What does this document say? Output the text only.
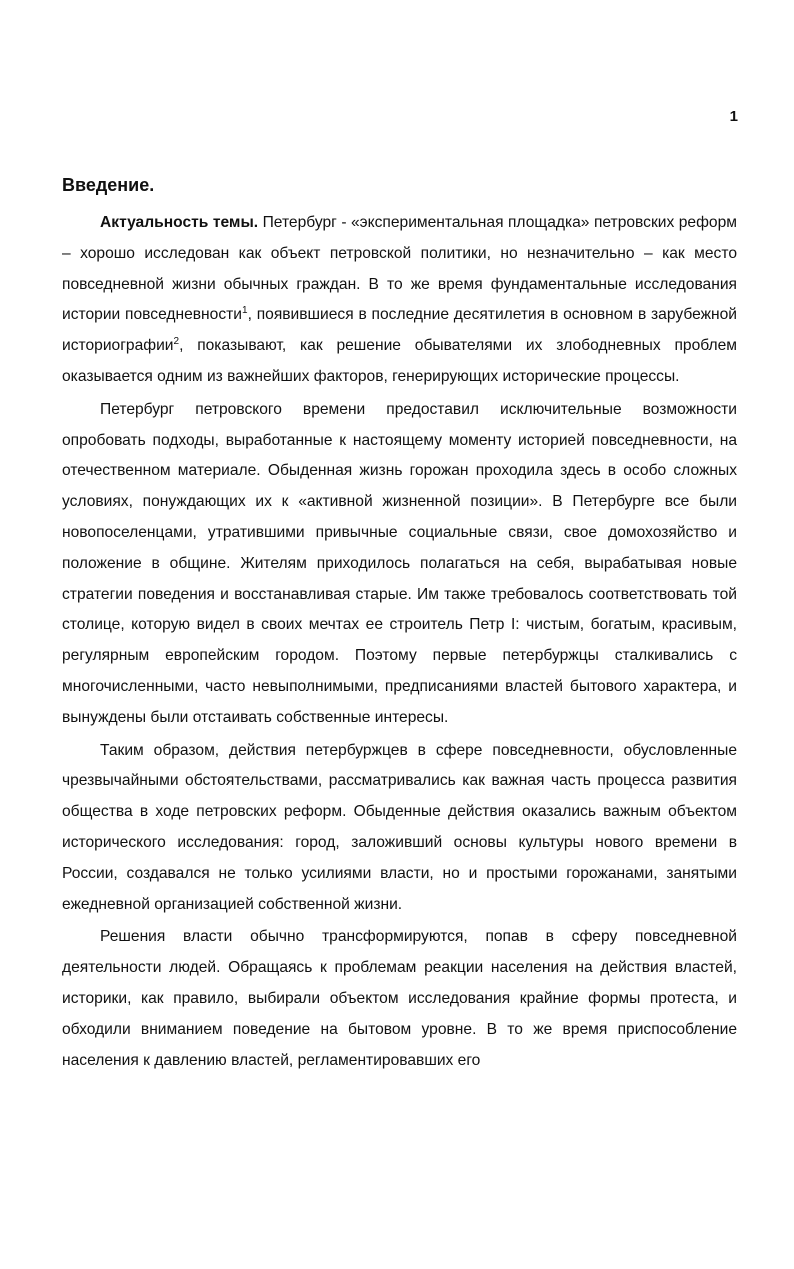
1
Введение.

Актуальность темы. Петербург - «экспериментальная площадка» петровских реформ – хорошо исследован как объект петровской политики, но незначительно – как место повседневной жизни обычных граждан. В то же время фундаментальные исследования истории повседневности$^1$, появившиеся в последние десятилетия в основном в зарубежной историографии$^2$, показывают, как решение обывателями их злободневных проблем оказывается одним из важнейших факторов, генерирующих исторические процессы.

Петербург петровского времени предоставил исключительные возможности опробовать подходы, выработанные к настоящему моменту историей повседневности, на отечественном материале. Обыденная жизнь горожан проходила здесь в особо сложных условиях, понуждающих их к «активной жизненной позиции». В Петербурге все были новопоселенцами, утратившими привычные социальные связи, свое домохозяйство и положение в общине. Жителям приходилось полагаться на себя, вырабатывая новые стратегии поведения и восстанавливая старые. Им также требовалось соответствовать той столице, которую видел в своих мечтах ее строитель Петр I: чистым, богатым, красивым, регулярным европейским городом. Поэтому первые петербуржцы сталкивались с многочисленными, часто невыполнимыми, предписаниями властей бытового характера, и вынуждены были отстаивать собственные интересы.

Таким образом, действия петербуржцев в сфере повседневности, обусловленные чрезвычайными обстоятельствами, рассматривались как важная часть процесса развития общества в ходе петровских реформ. Обыденные действия оказались важным объектом исторического исследования: город, заложивший основы культуры нового времени в России, создавался не только усилиями власти, но и простыми горожанами, занятыми ежедневной организацией собственной жизни.

Решения власти обычно трансформируются, попав в сферу повседневной деятельности людей. Обращаясь к проблемам реакции населения на действия властей, историки, как правило, выбирали объектом исследования крайние формы протеста, и обходили вниманием поведение на бытовом уровне. В то же время приспособление населения к давлению властей, регламентировавших его
